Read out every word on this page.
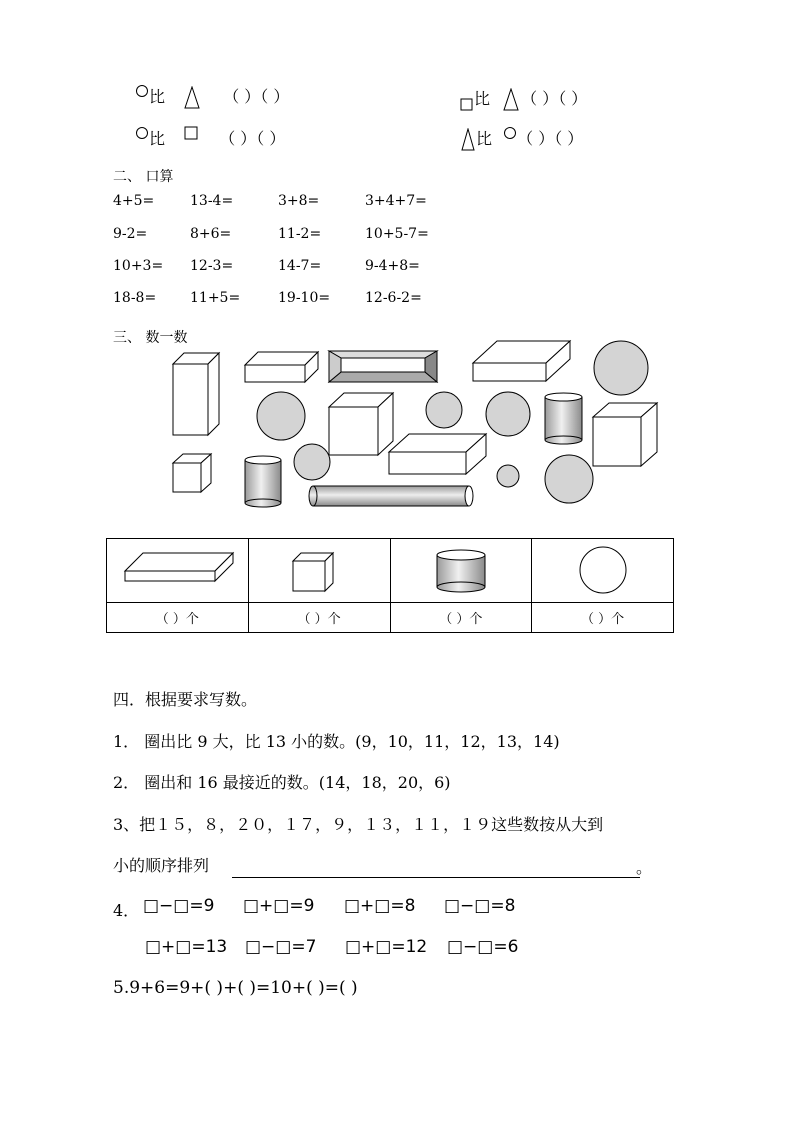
比	（ ）（ ）	比 （ ）（ ）
比	（ ）（ ）	比 （ ）（ ）
二、 口算
4+5=	13-4=	3+8=	3+4+7=
9-2=	8+6=	11-2=	10+5-7=
10+3= 12-3=	14-7=	9-4+8=
18-8= 11+5=	19-10= 12-6-2=
三、 数一数

（ ）个	（ ）个	（ ）个	（ ）个
四．根据要求写数。
1． 圈出比 9 大，比 13 小的数。(9，10，11，12，13，14)
2． 圈出和 16 最接近的数。(14，18，20，6)
3、把１５，８，２０，１７，９，１３，１１，１９这些数按从大到
小的顺序排列	。
4． □−□=9 □+□=9 □+□=8 □−□=8
□+□=13 □−□=7 □+□=12 □−□=6
5.9+6=9+( )+( )=10+( )=( )
